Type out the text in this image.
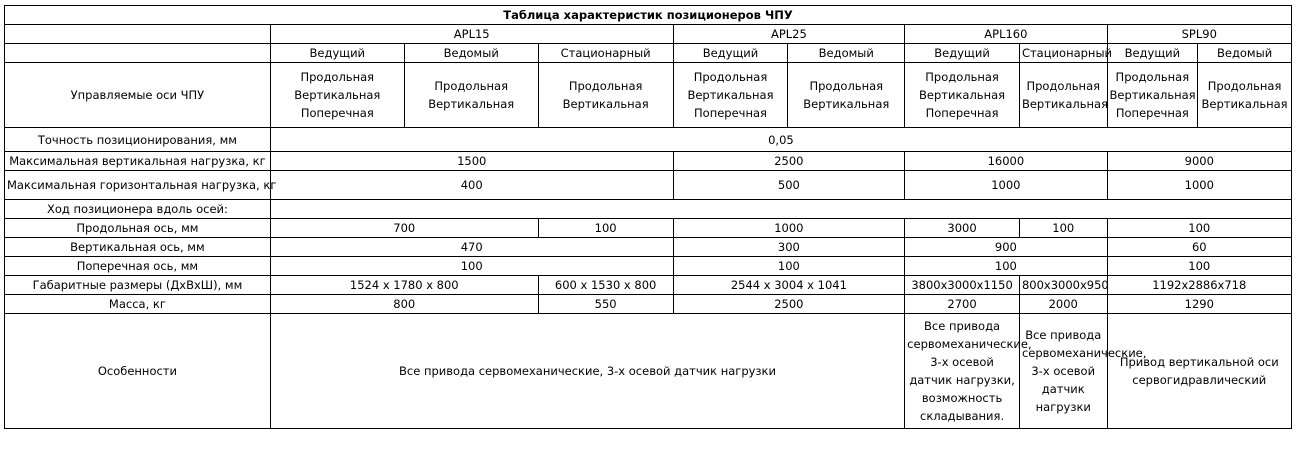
Таблица характеристик позиционеров ЧПУ									
	APL15			APL25		APL160		SPL90	
	Ведущий	Ведомый	Стационарный	Ведущий	Ведомый	Ведущий	Стационарный	Ведущий	Ведомый
Управляемые оси ЧПУ	Продольная Вертикальная Поперечная	Продольная Вертикальная	Продольная Вертикальная	Продольная Вертикальная Поперечная	Продольная Вертикальная	Продольная Вертикальная Поперечная	Продольная Вертикальная	Продольная Вертикальная Поперечная	Продольная Вертикальная
Точность позиционирования, мм	0,05								
Максимальная вертикальная нагрузка, кг	1500			2500		16000		9000	
Максимальная горизонтальная нагрузка, кг	400			500		1000		1000	
Ход позиционера вдоль осей:									
Продольная ось, мм	700		100	1000		3000	100	100	
Вертикальная ось, мм	470			300		900		60	
Поперечная ось, мм	100			100		100		100	
Габаритные размеры (ДхВхШ), мм	1524 x 1780 x 800		600 x 1530 x 800	2544 x 3004 x 1041		3800x3000x1150	800x3000x950	1192x2886x718	
Масса, кг	800		550	2500		2700	2000	1290	
Особенности	Все привода сервомеханические, 3-х осевой датчик нагрузки					Все привода сервомеханические, 3-х осевой датчик нагрузки, возможность складывания.	Все привода сервомеханические, 3-х осевой датчик нагрузки	Привод вертикальной оси сервогидравлический	
